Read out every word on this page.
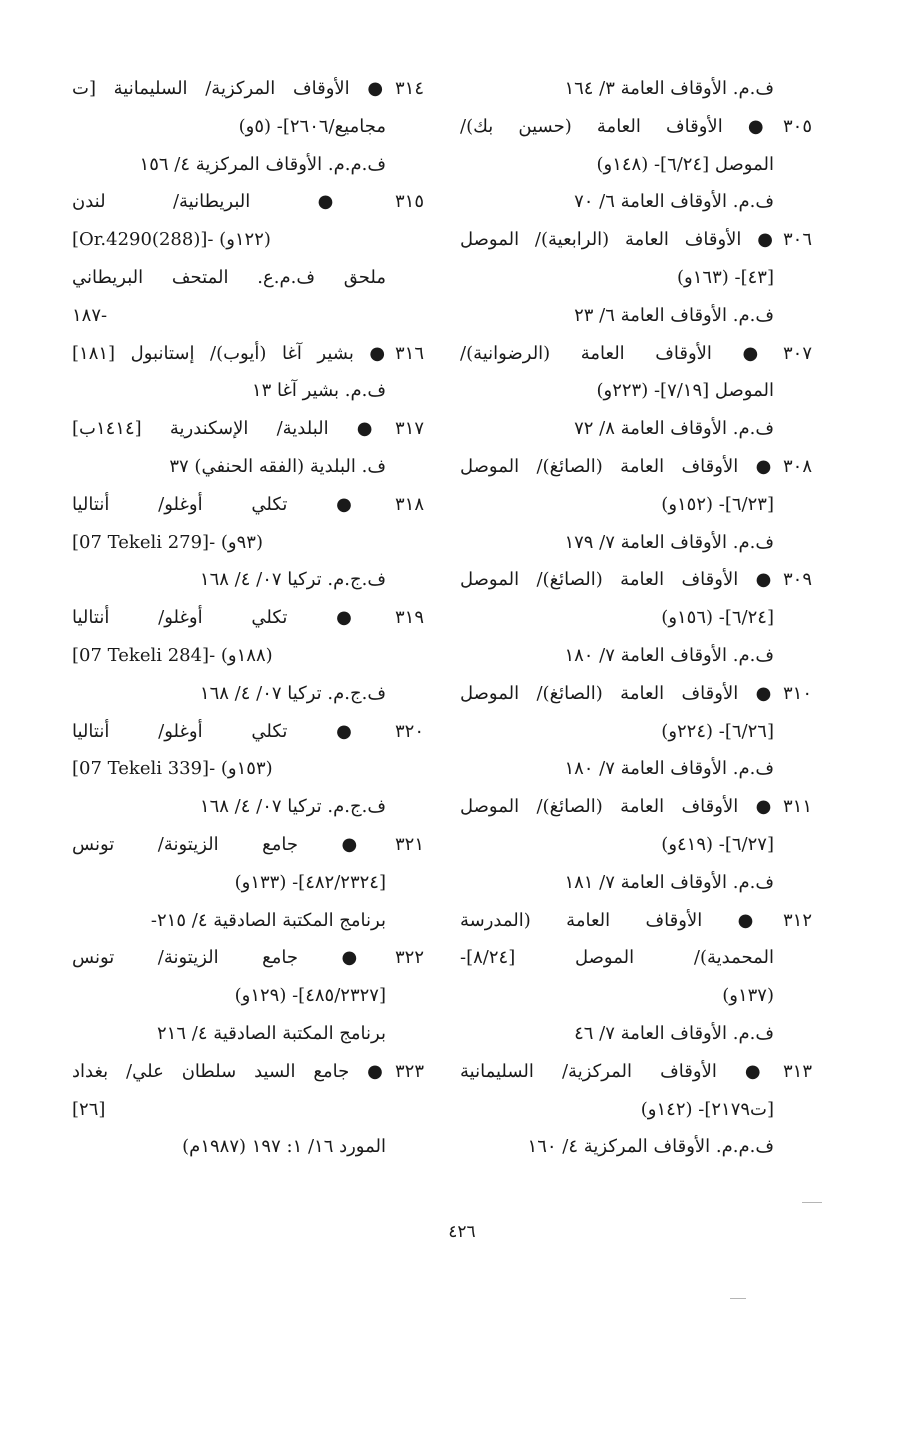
ف.م. الأوقاف العامة ٣/ ١٦٤
٣٠٥● الأوقاف العامة (حسين بك)/
الموصل [٦/٢٤]- (١٤٨و)
ف.م. الأوقاف العامة ٦/ ٧٠
٣٠٦● الأوقاف العامة (الرابعية)/ الموصل
[٤٣]- (١٦٣و)
ف.م. الأوقاف العامة ٦/ ٢٣
٣٠٧● الأوقاف العامة (الرضوانية)/
الموصل [٧/١٩]- (٢٢٣و)
ف.م. الأوقاف العامة ٨/ ٧٢
٣٠٨● الأوقاف العامة (الصائغ)/ الموصل
[٦/٢٣]- (١٥٢و)
ف.م. الأوقاف العامة ٧/ ١٧٩
٣٠٩● الأوقاف العامة (الصائغ)/ الموصل
[٦/٢٤]- (١٥٦و)
ف.م. الأوقاف العامة ٧/ ١٨٠
٣١٠● الأوقاف العامة (الصائغ)/ الموصل
[٦/٢٦]- (٢٢٤و)
ف.م. الأوقاف العامة ٧/ ١٨٠
٣١١● الأوقاف العامة (الصائغ)/ الموصل
[٦/٢٧]- (٤١٩و)
ف.م. الأوقاف العامة ٧/ ١٨١
٣١٢● الأوقاف العامة (المدرسة
المحمدية)/ الموصل [٨/٢٤]-
(١٣٧و)
ف.م. الأوقاف العامة ٧/ ٤٦
٣١٣● الأوقاف المركزية/ السليمانية
[ت٢١٧٩]- (١٤٢و)
ف.م.م. الأوقاف المركزية ٤/ ١٦٠
٣١٤● الأوقاف المركزية/ السليمانية [ت
مجاميع/٢٦٠٦]- (٥و)
ف.م.م. الأوقاف المركزية ٤/ ١٥٦
٣١٥● البريطانية/ لندن
[Or.4290(288)]- (١٢٢و)
ملحق ف.م.ع. المتحف البريطاني
١٨٧-
٣١٦● بشير آغا (أيوب)/ إستانبول [١٨١]
ف.م. بشير آغا ١٣
٣١٧● البلدية/ الإسكندرية [١٤١٤ب]
ف. البلدية (الفقه الحنفي) ٣٧
٣١٨● تكلي أوغلو/ أنتاليا
[07 Tekeli 279]- (٩٣و)
ف.ج.م. تركيا ٠٧/ ٤/ ١٦٨
٣١٩● تكلي أوغلو/ أنتاليا
[07 Tekeli 284]- (١٨٨و)
ف.ج.م. تركيا ٠٧/ ٤/ ١٦٨
٣٢٠● تكلي أوغلو/ أنتاليا
[07 Tekeli 339]- (١٥٣و)
ف.ج.م. تركيا ٠٧/ ٤/ ١٦٨
٣٢١● جامع الزيتونة/ تونس
[٤٨٢/٢٣٢٤]- (١٣٣و)
برنامج المكتبة الصادقية ٤/ ٢١٥-
٣٢٢● جامع الزيتونة/ تونس
[٤٨٥/٢٣٢٧]- (١٢٩و)
برنامج المكتبة الصادقية ٤/ ٢١٦
٣٢٣● جامع السيد سلطان علي/ بغداد
[٢٦]
المورد ١٦/ ١: ١٩٧ (١٩٨٧م)
٤٢٦
